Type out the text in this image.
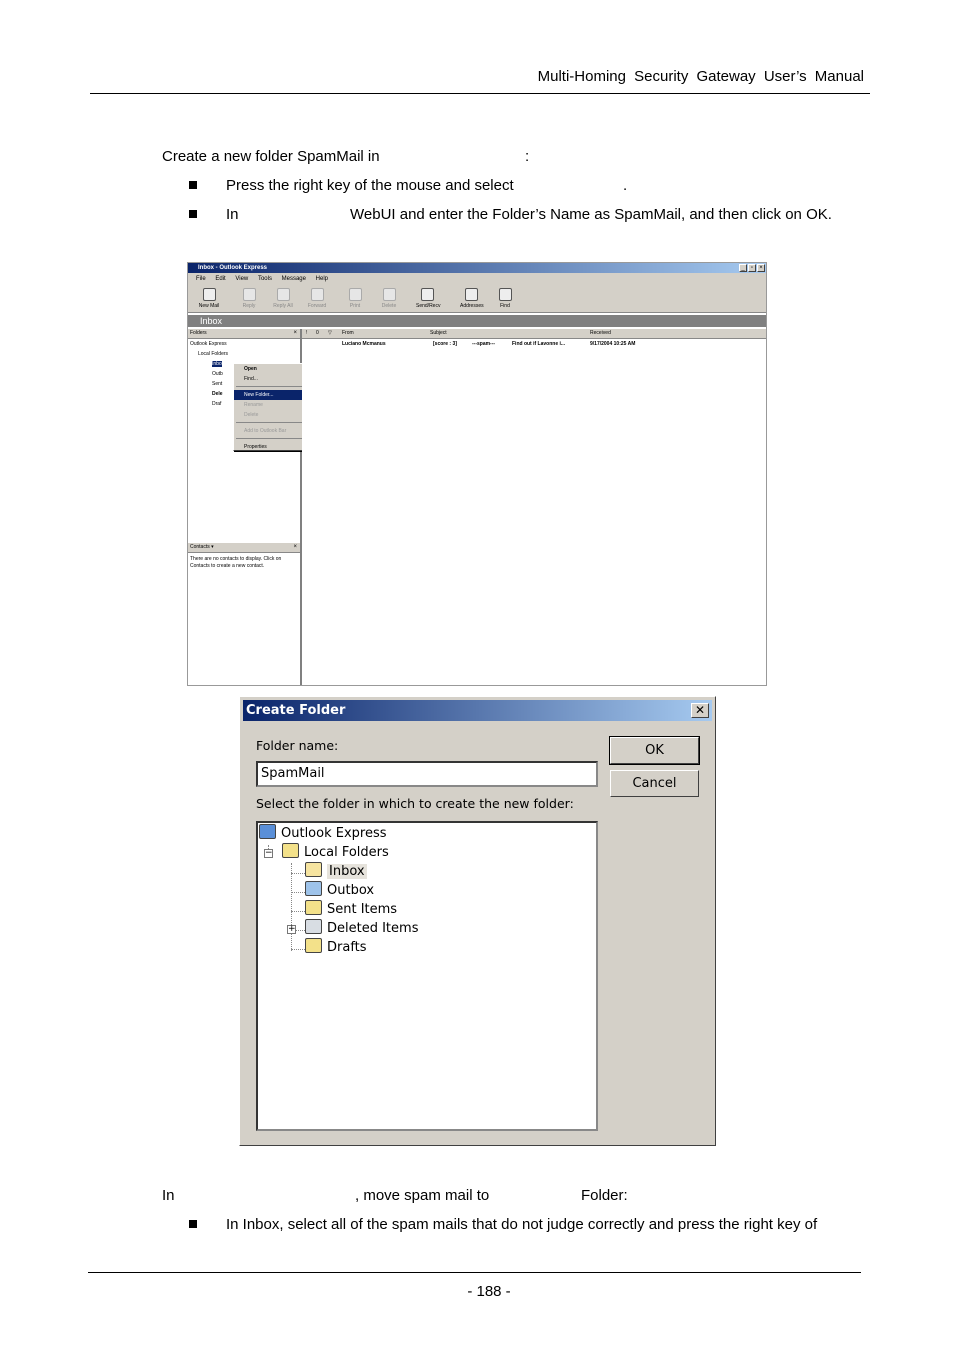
Multi-Homing Security Gateway User’s Manual
Create a new folder SpamMail in	:
Press the right key of the mouse and select	.
In	WebUI and enter the Folder’s Name as SpamMail, and then click on OK.
Inbox - Outlook Express	_	▫	×
File Edit View Tools Message Help
New Mail	Reply	Reply All	Forward	Print	Delete	Send/Recv	Addresses	Find
Inbox
Folders	×
Outlook Express
Local Folders
Inbo
Outb
Sent
Dele
Draf
Open
Find...
New Folder...
Rename
Delete
Add to Outlook Bar
Properties
Contacts ▾	×
There are no contacts to display. Click on Contacts to create a new contact.
! 0 ▽ From	Subject	Received
Luciano Mcmanus	[score : 3]	---spam---	Find out if Lavonne i...	9/17/2004 10:25 AM
Create Folder	✕
Folder name:
SpamMail
OK
Cancel
Select the folder in which to create the new folder:
Outlook Express
−	Local Folders
Inbox
Outbox
Sent Items
+	Deleted Items
Drafts
In	, move spam mail to	Folder:
In Inbox, select all of the spam mails that do not judge correctly and press the right key of
- 188 -
